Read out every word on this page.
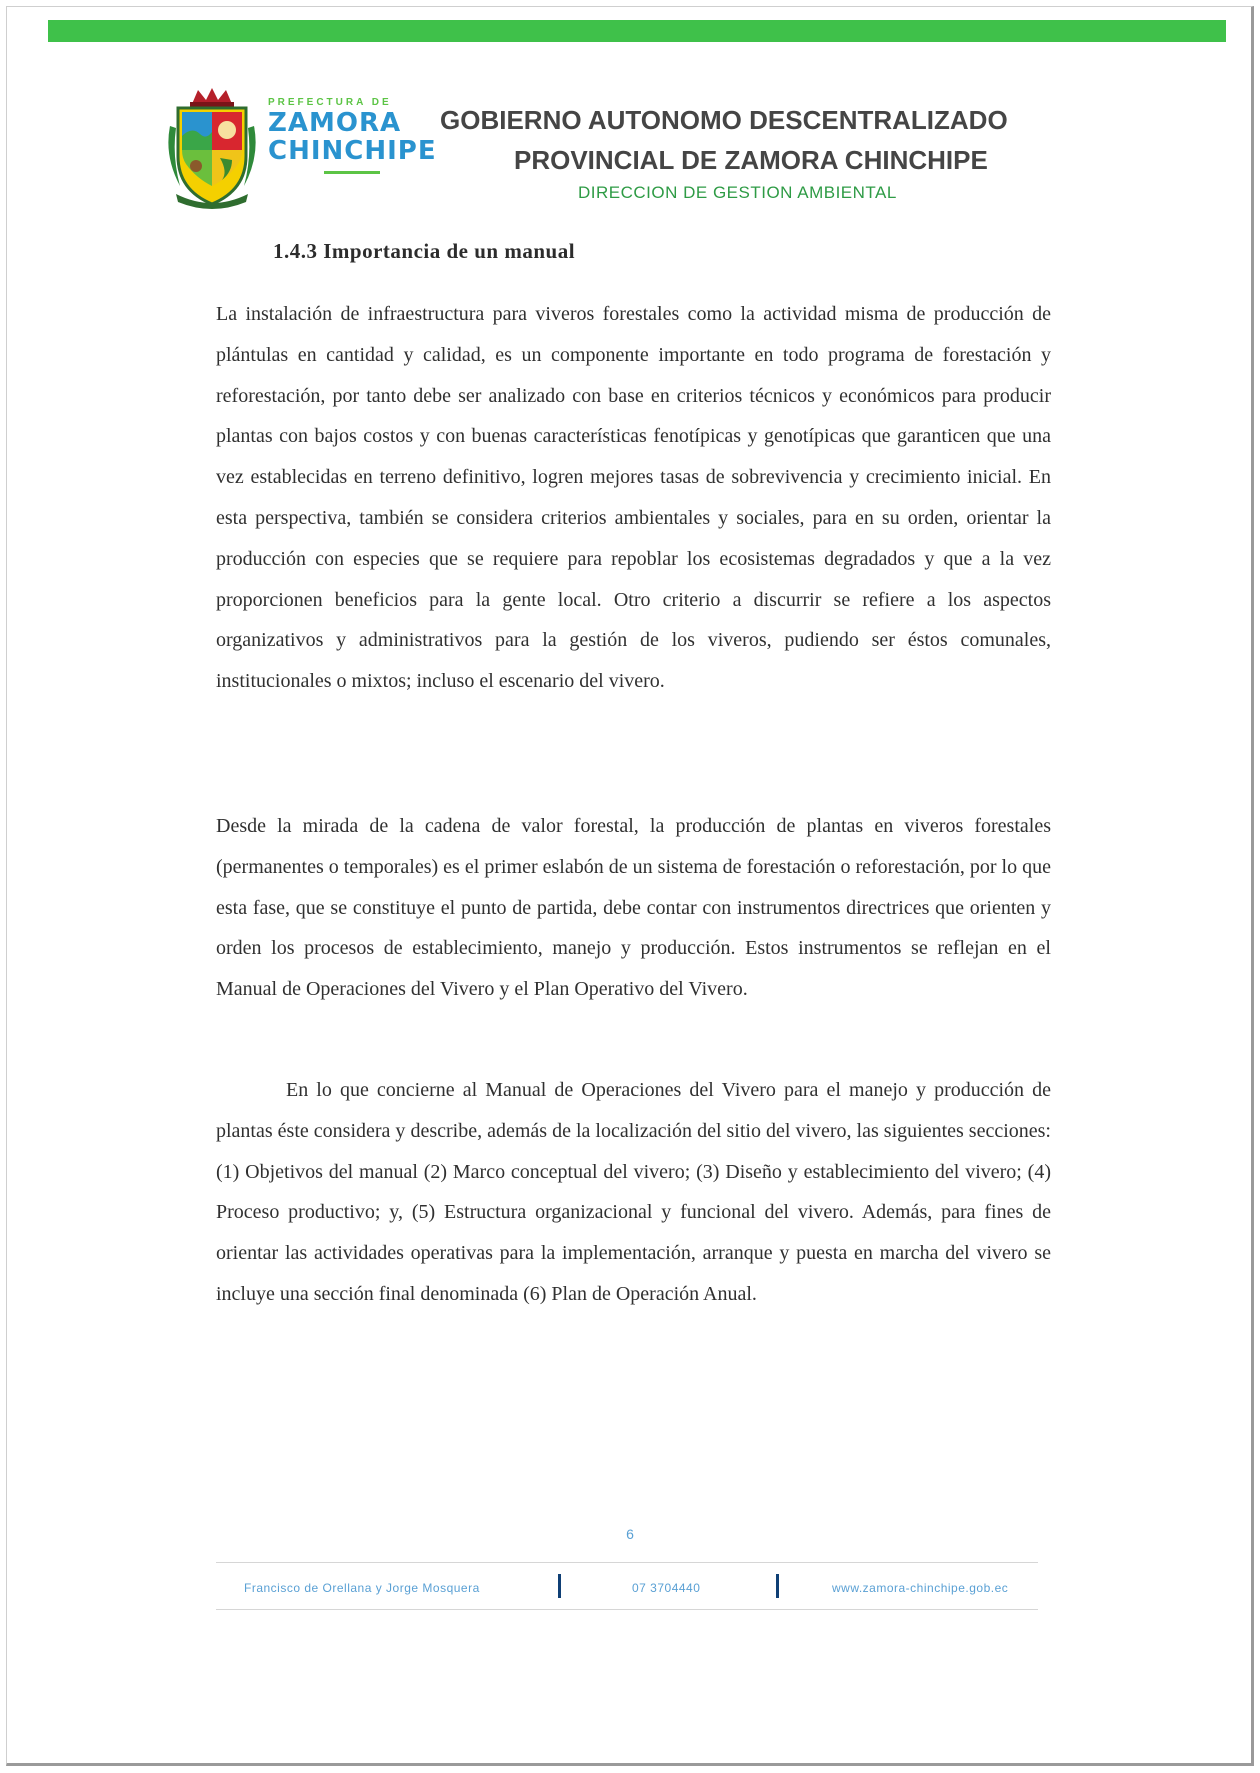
PREFECTURA DE
ZAMORA
CHINCHIPE
GOBIERNO AUTONOMO DESCENTRALIZADO
PROVINCIAL DE ZAMORA CHINCHIPE
DIRECCION DE GESTION AMBIENTAL
1.4.3 Importancia de un manual

La instalación de infraestructura para viveros forestales como la actividad misma de producción de plántulas en cantidad y calidad, es un componente importante en todo programa de forestación y reforestación, por tanto debe ser analizado con base en criterios técnicos y económicos para producir plantas con bajos costos y con buenas características fenotípicas y genotípicas que garanticen que una vez establecidas en terreno definitivo, logren mejores tasas de sobrevivencia y crecimiento inicial. En esta perspectiva, también se considera criterios ambientales y sociales, para en su orden, orientar la producción con especies que se requiere para repoblar los ecosistemas degradados y que a la vez proporcionen beneficios para la gente local. Otro criterio a discurrir se refiere a los aspectos organizativos y administrativos para la gestión de los viveros, pudiendo ser éstos comunales, institucionales o mixtos; incluso el escenario del vivero.

Desde la mirada de la cadena de valor forestal, la producción de plantas en viveros forestales (permanentes o temporales) es el primer eslabón de un sistema de forestación o reforestación, por lo que esta fase, que se constituye el punto de partida, debe contar con instrumentos directrices que orienten y orden los procesos de establecimiento, manejo y producción. Estos instrumentos se reflejan en el Manual de Operaciones del Vivero y el Plan Operativo del Vivero.

En lo que concierne al Manual de Operaciones del Vivero para el manejo y producción de plantas éste considera y describe, además de la localización del sitio del vivero, las siguientes secciones: (1) Objetivos del manual (2) Marco conceptual del vivero; (3) Diseño y establecimiento del vivero; (4) Proceso productivo; y, (5) Estructura organizacional y funcional del vivero. Además, para fines de orientar las actividades operativas para la implementación, arranque y puesta en marcha del vivero se incluye una sección final denominada (6) Plan de Operación Anual.

6
Francisco de Orellana y Jorge Mosquera	07 3704440	www.zamora-chinchipe.gob.ec
